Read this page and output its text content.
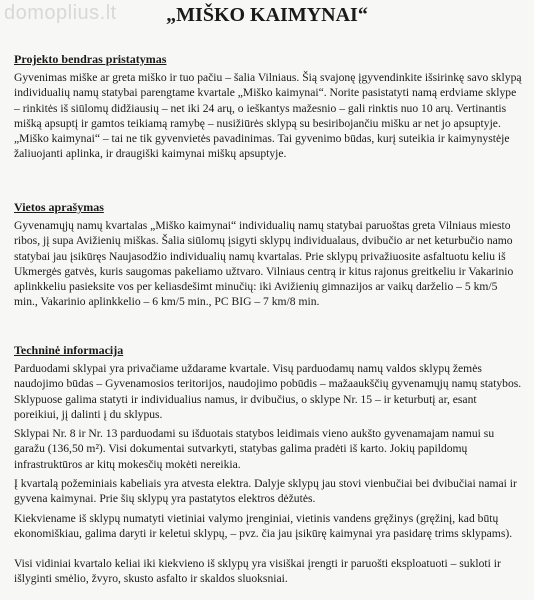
domoplius.lt	„MIŠKO KAIMYNAI“
Projekto bendras pristatymas

Gyvenimas miške ar greta miško ir tuo pačiu – šalia Vilniaus. Šią svajonę įgyvendinkite išsirinkę savo sklypą individualių namų statybai parengtame kvartale „Miško kaimynai“. Norite pasistatyti namą erdviame sklype – rinkitės iš siūlomų didžiausių – net iki 24 arų, o ieškantys mažesnio – gali rinktis nuo 10 arų. Vertinantis mišką apsuptį ir gamtos teikiamą ramybę – nusižiūrės sklypą su besiribojančiu mišku ar net jo apsuptyje. „Miško kaimynai“ – tai ne tik gyvenvietės pavadinimas. Tai gyvenimo būdas, kurį suteikia ir kaimynystėje žaliuojanti aplinka, ir draugiški kaimynai miškų apsuptyje.

Vietos aprašymas

Gyvenamųjų namų kvartalas „Miško kaimynai“ individualių namų statybai paruoštas greta Vilniaus miesto ribos, jį supa Avižienių miškas. Šalia siūlomų įsigyti sklypų individualaus, dvibučio ar net keturbučio namo statybai jau įsikūręs Naujasodžio individualių namų kvartalas. Prie sklypų privažiuosite asfaltuotu keliu iš Ukmergės gatvės, kuris saugomas pakeliamo užtvaro. Vilniaus centrą ir kitus rajonus greitkeliu ir Vakarinio aplinkkeliu pasieksite vos per keliasdešimt minučių: iki Avižienių gimnazijos ar vaikų darželio – 5 km/5 min., Vakarinio aplinkkelio – 6 km/5 min., PC BIG – 7 km/8 min.

Techninė informacija

Parduodami sklypai yra privačiame uždarame kvartale. Visų parduodamų namų valdos sklypų žemės naudojimo būdas – Gyvenamosios teritorijos, naudojimo pobūdis – mažaaukščių gyvenamųjų namų statybos. Sklypuose galima statyti ir individualius namus, ir dvibučius, o sklype Nr. 15 – ir keturbutį ar, esant poreikiui, jį dalinti į du sklypus.

Sklypai Nr. 8 ir Nr. 13 parduodami su išduotais statybos leidimais vieno aukšto gyvenamajam namui su garažu (136,50 m²). Visi dokumentai sutvarkyti, statybas galima pradėti iš karto. Jokių papildomų infrastruktūros ar kitų mokesčių mokėti nereikia.

Į kvartalą požeminiais kabeliais yra atvesta elektra. Dalyje sklypų jau stovi vienbučiai bei dvibučiai namai ir gyvena kaimynai. Prie šių sklypų yra pastatytos elektros dėžutės.

Kiekviename iš sklypų numatyti vietiniai valymo įrenginiai, vietinis vandens gręžinys (gręžinį, kad būtų ekonomiškiau, galima daryti ir keletui sklypų, – pvz. čia jau įsikūrę kaimynai yra pasidarę trims sklypams).

Visi vidiniai kvartalo keliai iki kiekvieno iš sklypų yra visiškai įrengti ir paruošti eksploatuoti – sukloti ir išlyginti smėlio, žvyro, skusto asfalto ir skaldos sluoksniai.
